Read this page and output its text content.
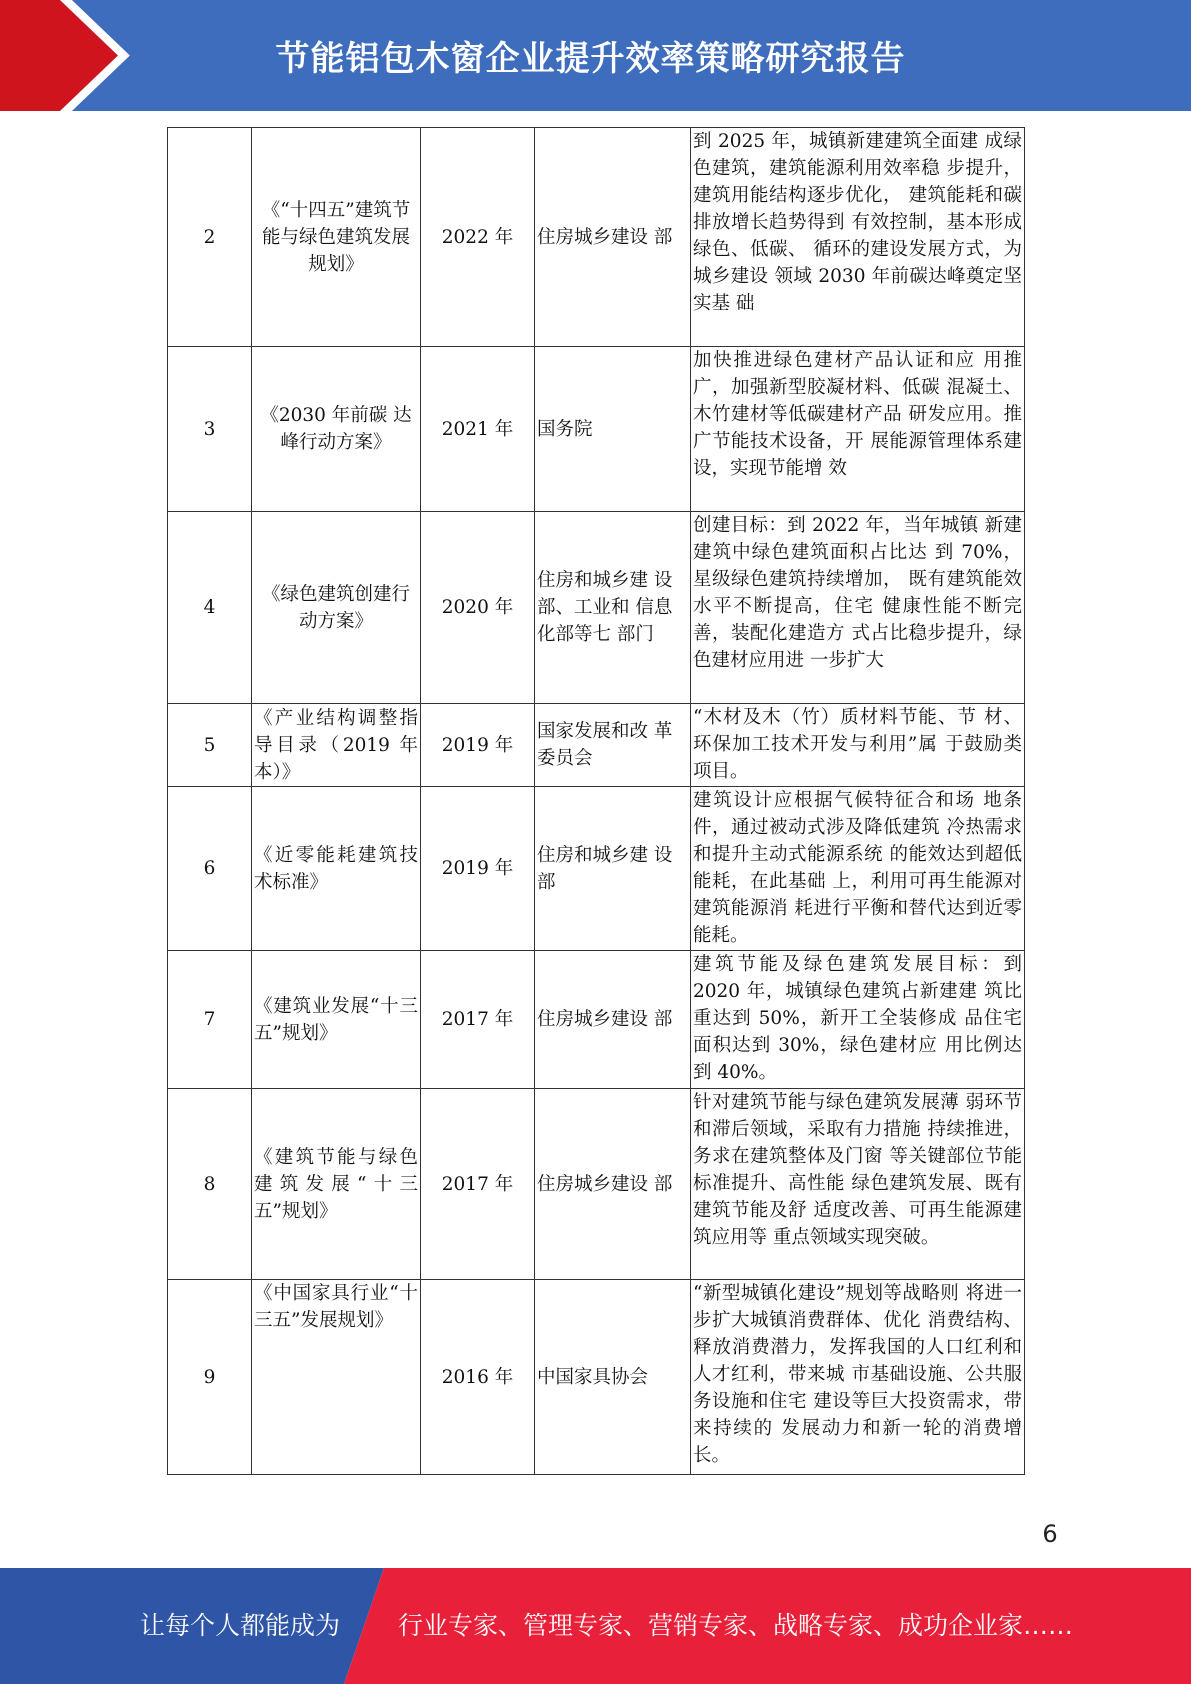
节能铝包木窗企业提升效率策略研究报告
2	《“十四五”建筑节能与绿色建筑发展规划》	2022 年	住房城乡建设 部	到 2025 年，城镇新建建筑全面建 成绿色建筑，建筑能源利用效率稳 步提升，建筑用能结构逐步优化， 建筑能耗和碳排放增长趋势得到 有效控制，基本形成绿色、低碳、 循环的建设发展方式，为城乡建设 领域 2030 年前碳达峰奠定坚实基 础
3	《2030 年前碳 达峰行动方案》	2021 年	国务院	加快推进绿色建材产品认证和应 用推广，加强新型胶凝材料、低碳 混凝土、木竹建材等低碳建材产品 研发应用。推广节能技术设备，开 展能源管理体系建设，实现节能增 效
4	《绿色建筑创建行动方案》	2020 年	住房和城乡建 设部、工业和 信息化部等七 部门	创建目标：到 2022 年，当年城镇 新建建筑中绿色建筑面积占比达 到 70%，星级绿色建筑持续增加， 既有建筑能效水平不断提高，住宅 健康性能不断完善，装配化建造方 式占比稳步提升，绿色建材应用进 一步扩大
5	《产业结构调整指导目录（2019 年本）》	2019 年	国家发展和改 革委员会	“木材及木（竹）质材料节能、节 材、环保加工技术开发与利用”属 于鼓励类项目。
6	《近零能耗建筑技术标准》	2019 年	住房和城乡建 设部	建筑设计应根据气候特征合和场 地条件，通过被动式涉及降低建筑 冷热需求和提升主动式能源系统 的能效达到超低能耗，在此基础 上，利用可再生能源对建筑能源消 耗进行平衡和替代达到近零能耗。
7	《建筑业发展“十三五”规划》	2017 年	住房城乡建设 部	建筑节能及绿色建筑发展目标：到 2020 年，城镇绿色建筑占新建建 筑比重达到 50%，新开工全装修成 品住宅面积达到 30%，绿色建材应 用比例达到 40%。
8	《建筑节能与绿色建筑发展“十三五”规划》	2017 年	住房城乡建设 部	针对建筑节能与绿色建筑发展薄 弱环节和滞后领域，采取有力措施 持续推进，务求在建筑整体及门窗 等关键部位节能标准提升、高性能 绿色建筑发展、既有建筑节能及舒 适度改善、可再生能源建筑应用等 重点领域实现突破。
9	《中国家具行业“十三五”发展规划》	2016 年	中国家具协会	“新型城镇化建设”规划等战略则 将进一步扩大城镇消费群体、优化 消费结构、释放消费潜力，发挥我国的人口红利和人才红利，带来城 市基础设施、公共服务设施和住宅 建设等巨大投资需求，带来持续的 发展动力和新一轮的消费增长。
6
让每个人都能成为 行业专家、管理专家、营销专家、战略专家、成功企业家……
